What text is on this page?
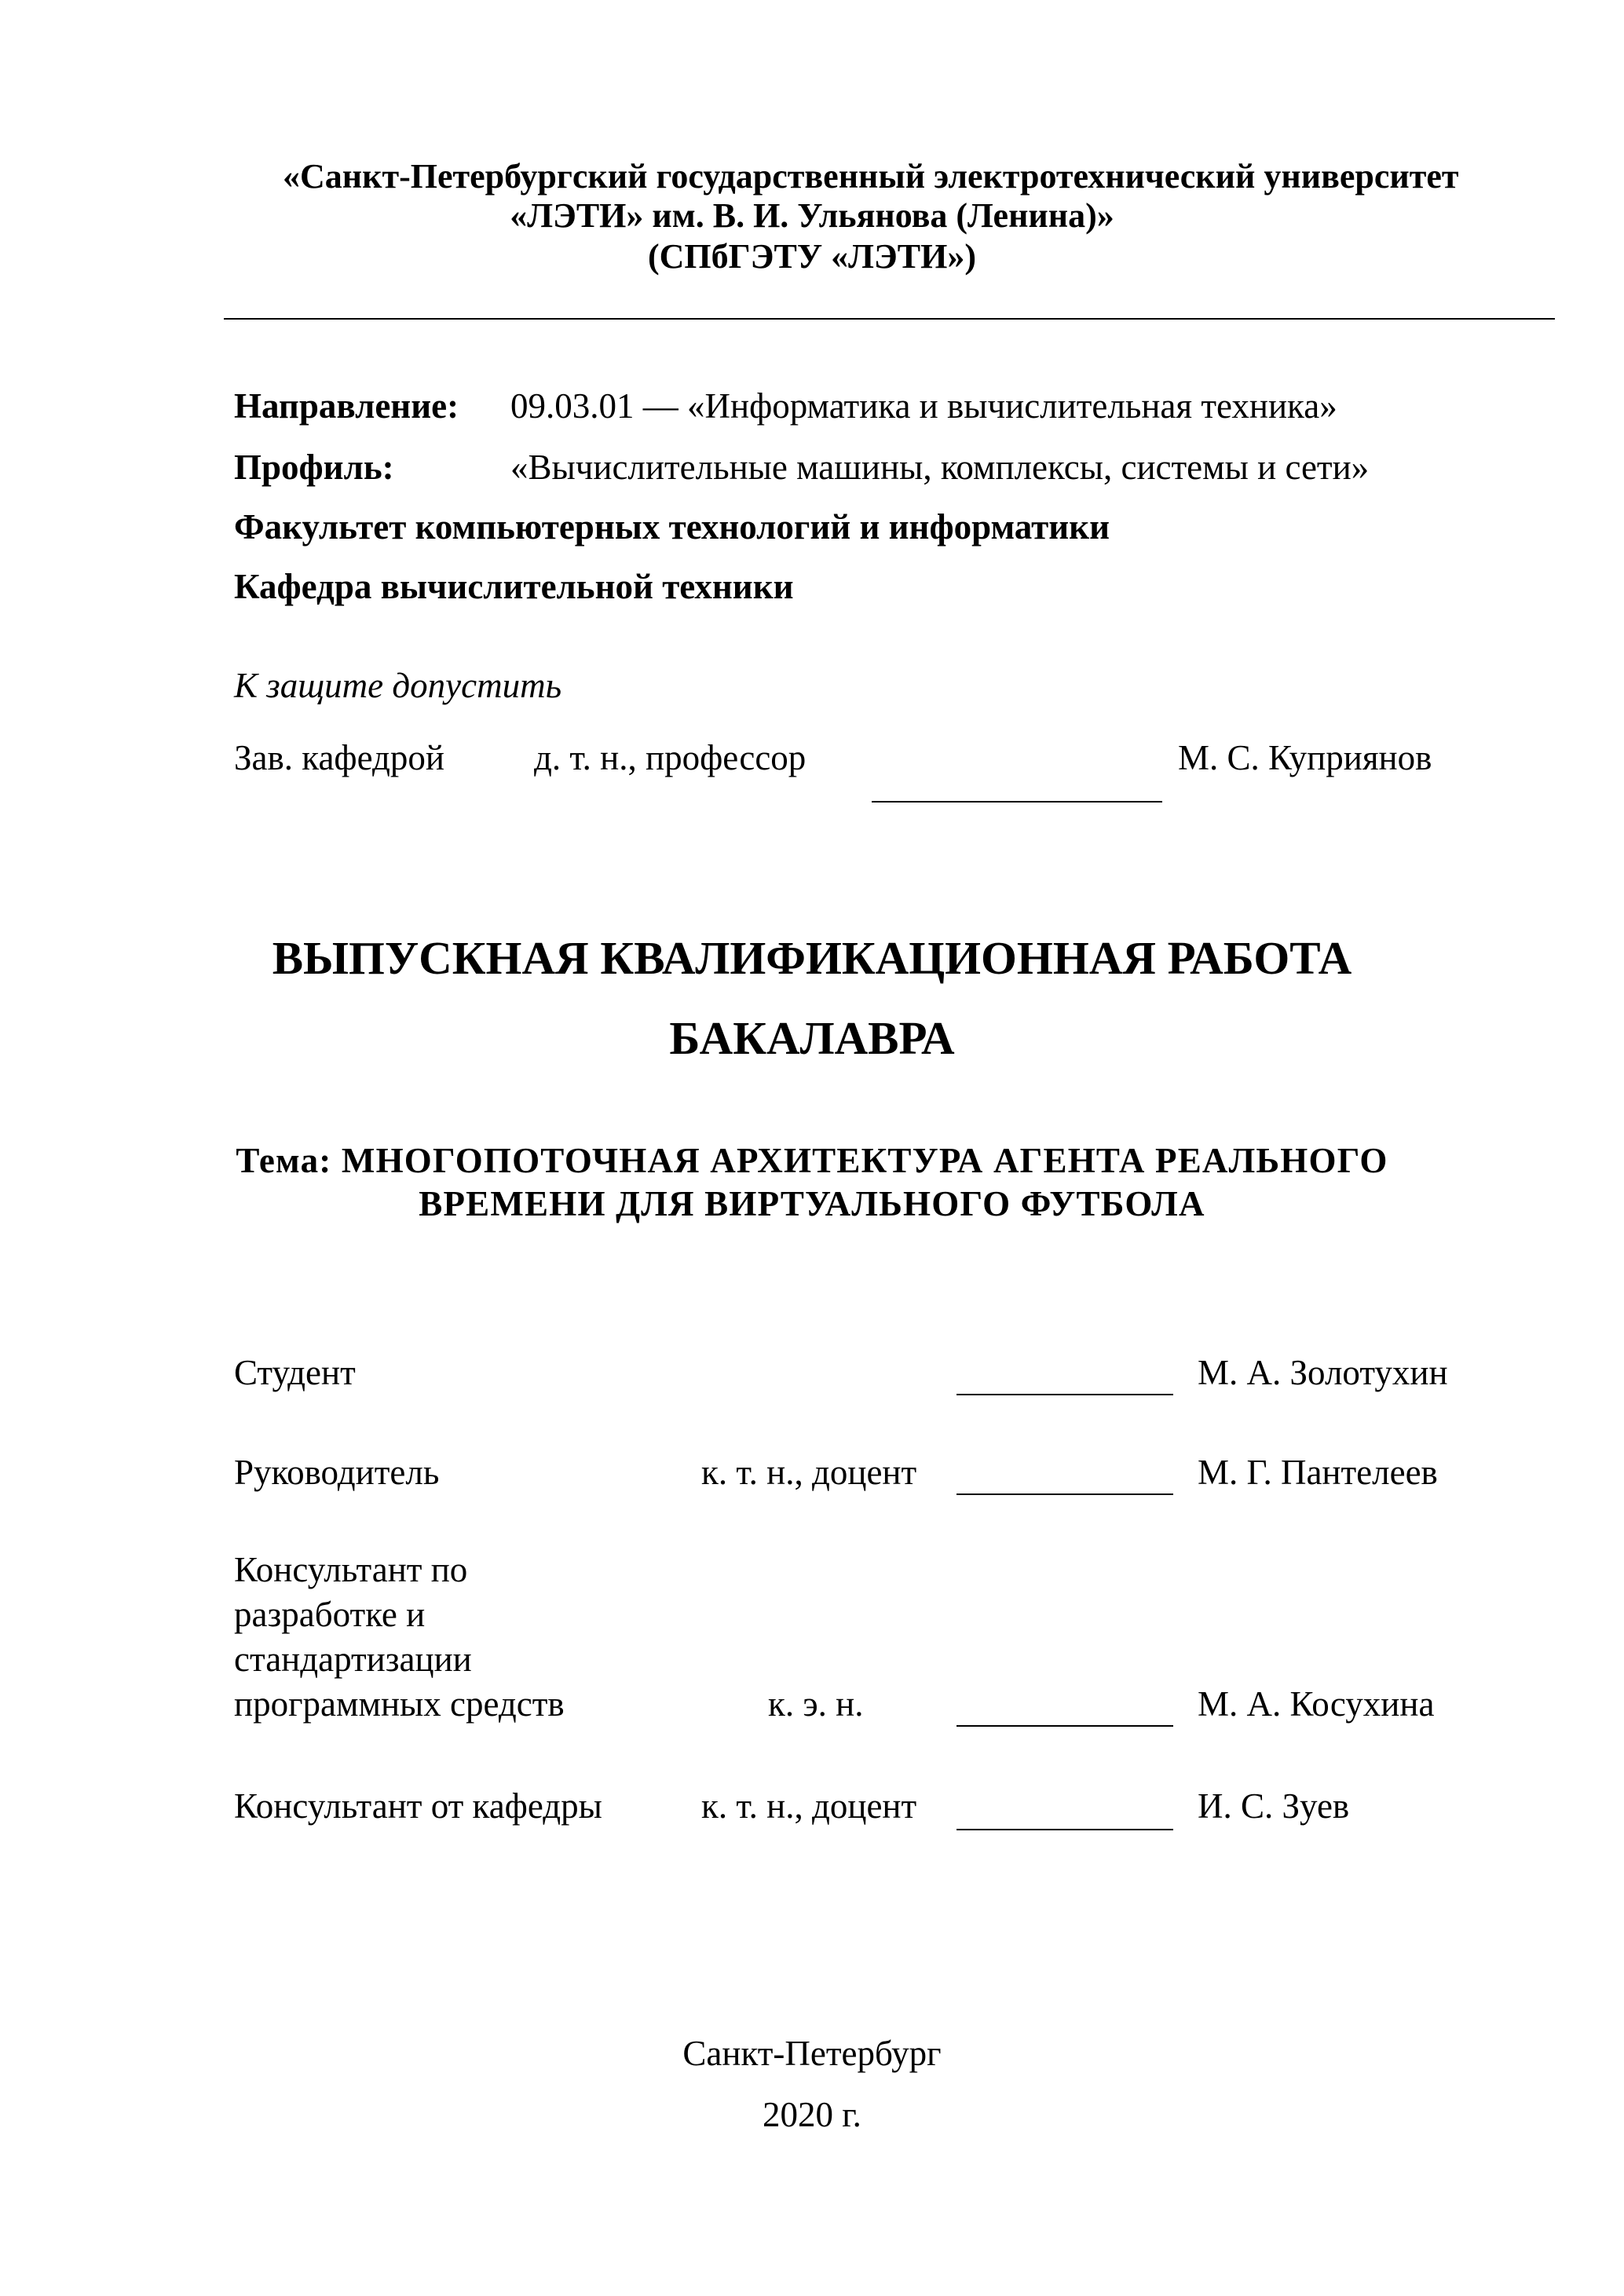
«Санкт-Петербургский государственный электротехнический университет
«ЛЭТИ» им. В. И. Ульянова (Ленина)»
(СПбГЭТУ «ЛЭТИ»)
Направление: 09.03.01 — «Информатика и вычислительная техника»
Профиль:	«Вычислительные машины, комплексы, системы и сети»
Факультет компьютерных технологий и информатики
Кафедра вычислительной техники
К защите допустить
Зав. кафедрой	д. т. н., профессор	М. С. Куприянов
ВЫПУСКНАЯ КВАЛИФИКАЦИОННАЯ РАБОТА
БАКАЛАВРА
Тема: МНОГОПОТОЧНАЯ АРХИТЕКТУРА АГЕНТА РЕАЛЬНОГО
ВРЕМЕНИ ДЛЯ ВИРТУАЛЬНОГО ФУТБОЛА
Студент	М. А. Золотухин
Руководитель	к. т. н., доцент	М. Г. Пантелеев
Консультант по
разработке и
стандартизации
программных средств	к. э. н.	М. А. Косухина
Консультант от кафедры	к. т. н., доцент	И. С. Зуев
Санкт-Петербург
2020 г.
